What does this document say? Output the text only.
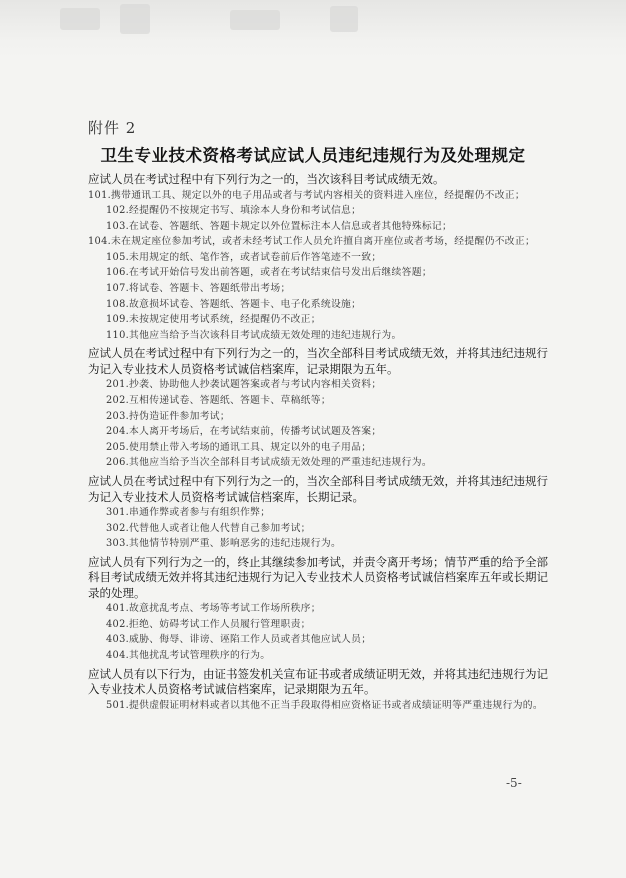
附件 2
卫生专业技术资格考试应试人员违纪违规行为及处理规定
应试人员在考试过程中有下列行为之一的，当次该科目考试成绩无效。
101.携带通讯工具、规定以外的电子用品或者与考试内容相关的资料进入座位，经提醒仍不改正；
102.经提醒仍不按规定书写、填涂本人身份和考试信息；
103.在试卷、答题纸、答题卡规定以外位置标注本人信息或者其他特殊标记；
104.未在规定座位参加考试，或者未经考试工作人员允许擅自离开座位或者考场，经提醒仍不改正；
105.未用规定的纸、笔作答，或者试卷前后作答笔迹不一致；
106.在考试开始信号发出前答题，或者在考试结束信号发出后继续答题；
107.将试卷、答题卡、答题纸带出考场；
108.故意损坏试卷、答题纸、答题卡、电子化系统设施；
109.未按规定使用考试系统，经提醒仍不改正；
110.其他应当给予当次该科目考试成绩无效处理的违纪违规行为。
应试人员在考试过程中有下列行为之一的，当次全部科目考试成绩无效，并将其违纪违规行为记入专业技术人员资格考试诚信档案库，记录期限为五年。
201.抄袭、协助他人抄袭试题答案或者与考试内容相关资料；
202.互相传递试卷、答题纸、答题卡、草稿纸等；
203.持伪造证件参加考试；
204.本人离开考场后，在考试结束前，传播考试试题及答案；
205.使用禁止带入考场的通讯工具、规定以外的电子用品；
206.其他应当给予当次全部科目考试成绩无效处理的严重违纪违规行为。
应试人员在考试过程中有下列行为之一的，当次全部科目考试成绩无效，并将其违纪违规行为记入专业技术人员资格考试诚信档案库，长期记录。
301.串通作弊或者参与有组织作弊；
302.代替他人或者让他人代替自己参加考试；
303.其他情节特别严重、影响恶劣的违纪违规行为。
应试人员有下列行为之一的，终止其继续参加考试，并责令离开考场；情节严重的给予全部科目考试成绩无效并将其违纪违规行为记入专业技术人员资格考试诚信档案库五年或长期记录的处理。
401.故意扰乱考点、考场等考试工作场所秩序；
402.拒绝、妨碍考试工作人员履行管理职责；
403.威胁、侮辱、诽谤、诬陷工作人员或者其他应试人员；
404.其他扰乱考试管理秩序的行为。
应试人员有以下行为，由证书签发机关宣布证书或者成绩证明无效，并将其违纪违规行为记入专业技术人员资格考试诚信档案库，记录期限为五年。
501.提供虚假证明材料或者以其他不正当手段取得相应资格证书或者成绩证明等严重违规行为的。
-5-
